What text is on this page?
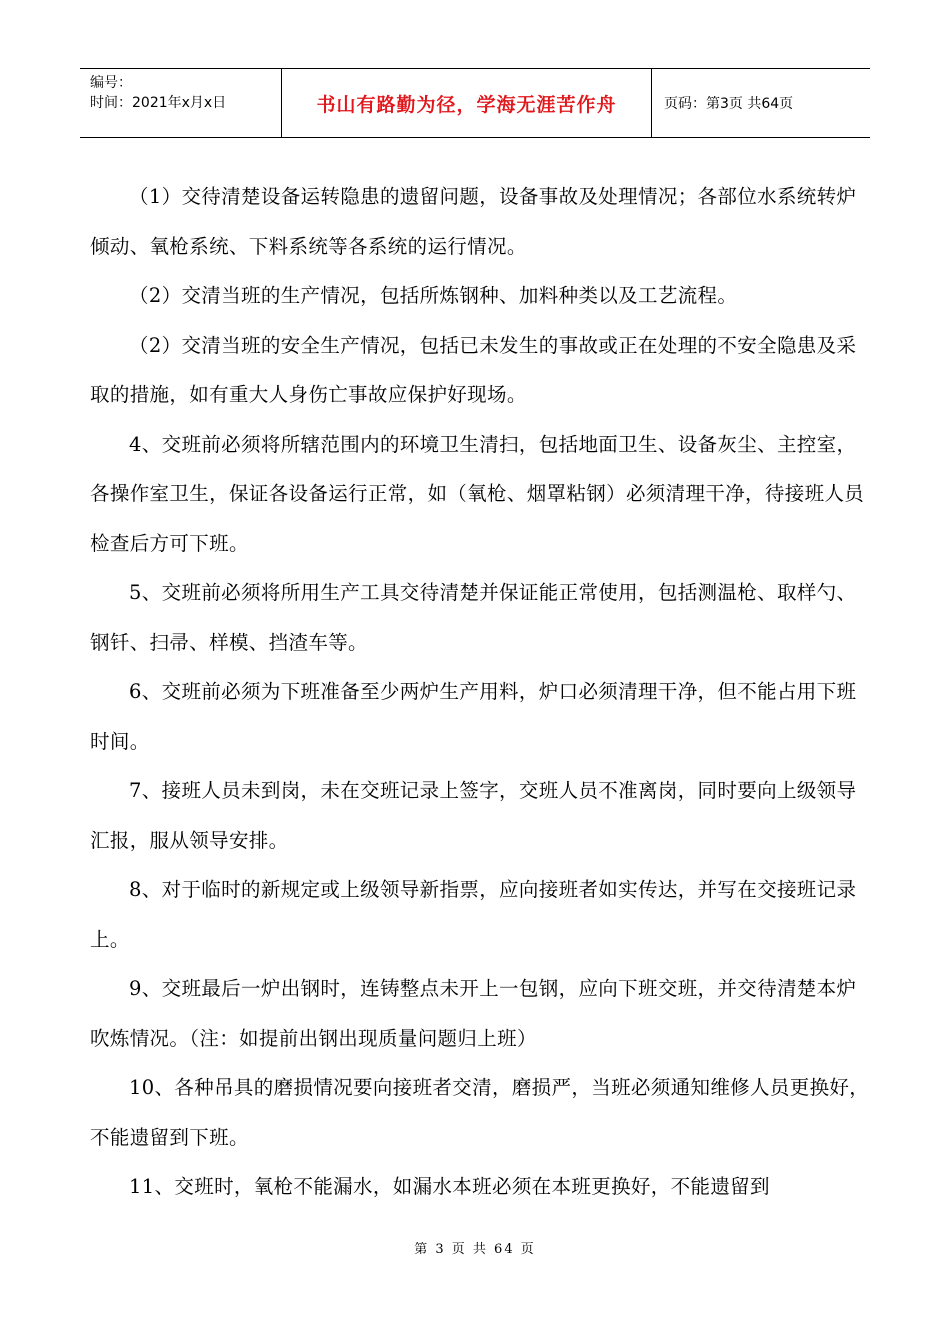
编号：
时间：2021年x月x日	书山有路勤为径，学海无涯苦作舟	页码：第3页 共64页

（1）交待清楚设备运转隐患的遗留问题，设备事故及处理情况；各部位水系统转炉倾动、氧枪系统、下料系统等各系统的运行情况。

（2）交清当班的生产情况，包括所炼钢种、加料种类以及工艺流程。

（2）交清当班的安全生产情况，包括已未发生的事故或正在处理的不安全隐患及采取的措施，如有重大人身伤亡事故应保护好现场。

4、交班前必须将所辖范围内的环境卫生清扫，包括地面卫生、设备灰尘、主控室，各操作室卫生，保证各设备运行正常，如（氧枪、烟罩粘钢）必须清理干净，待接班人员检查后方可下班。

5、交班前必须将所用生产工具交待清楚并保证能正常使用，包括测温枪、取样勺、钢钎、扫帚、样模、挡渣车等。

6、交班前必须为下班准备至少两炉生产用料，炉口必须清理干净，但不能占用下班时间。

7、接班人员未到岗，未在交班记录上签字，交班人员不准离岗，同时要向上级领导汇报，服从领导安排。

8、对于临时的新规定或上级领导新指票，应向接班者如实传达，并写在交接班记录上。

9、交班最后一炉出钢时，连铸整点未开上一包钢，应向下班交班，并交待清楚本炉吹炼情况。（注：如提前出钢出现质量问题归上班）

10、各种吊具的磨损情况要向接班者交清，磨损严，当班必须通知维修人员更换好，不能遗留到下班。

11、交班时，氧枪不能漏水，如漏水本班必须在本班更换好，不能遗留到

第 3 页 共 64 页
